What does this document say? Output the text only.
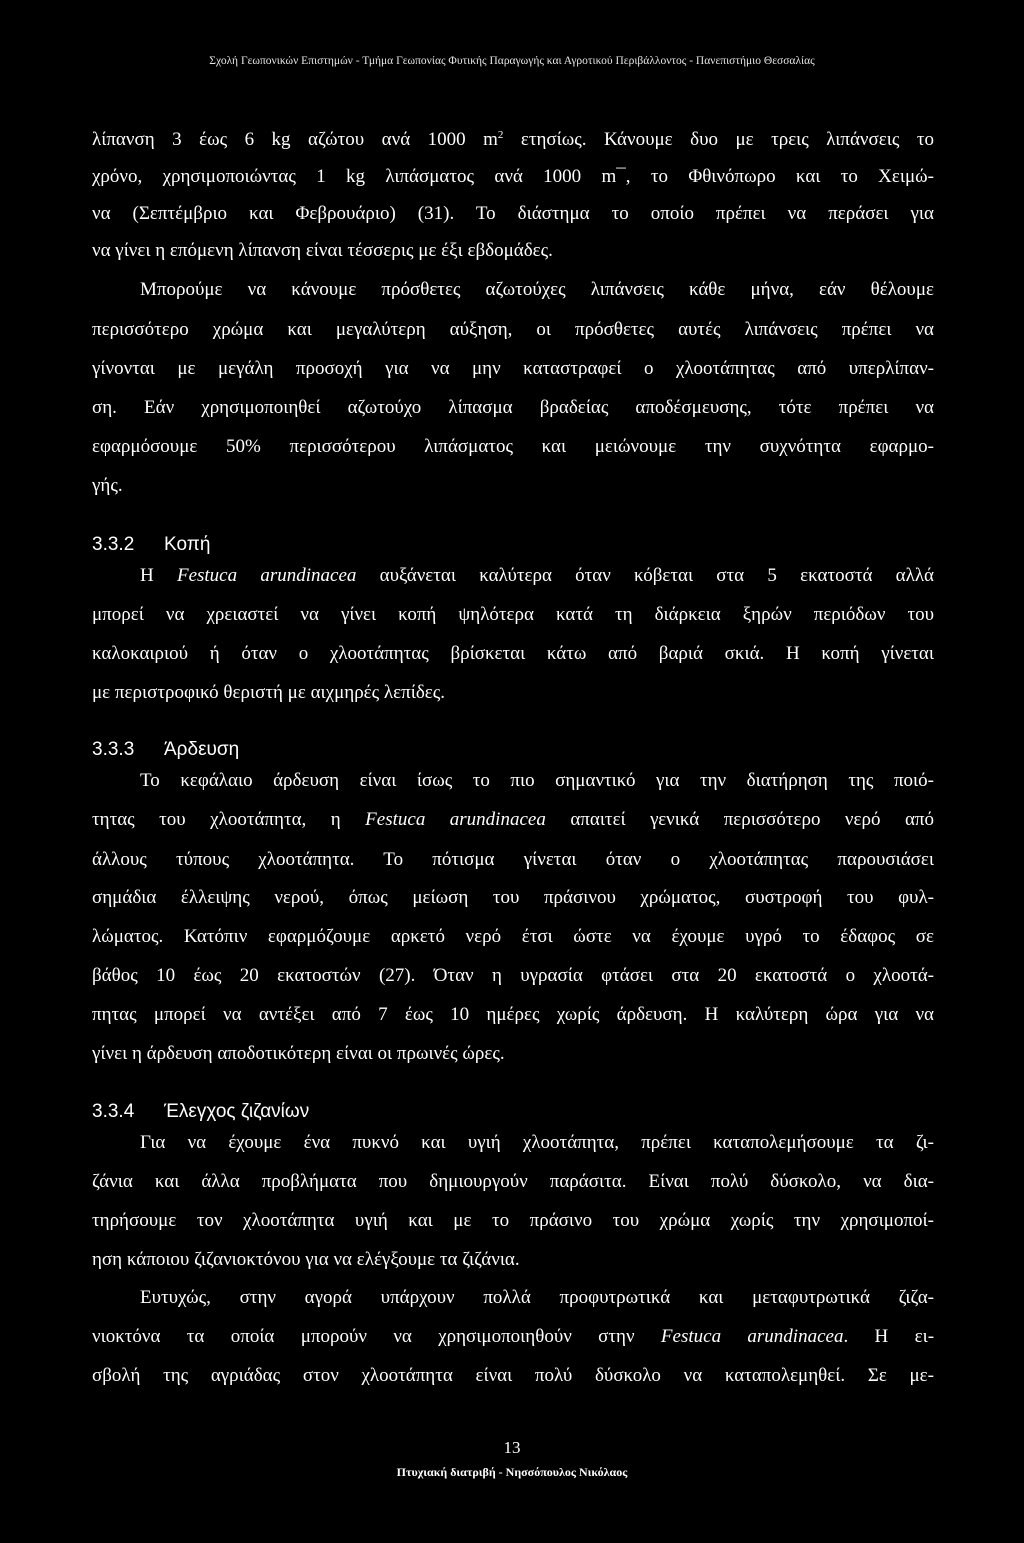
Σχολή Γεωπονικών Επιστημών - Τμήμα Γεωπονίας Φυτικής Παραγωγής και Αγροτικού Περιβάλλοντος - Πανεπιστήμιο Θεσσαλίας
λίπανση 3 έως 6 kg αζώτου ανά 1000 $m^2$ ετησίως. Κάνουμε δυο με τρεις λιπάνσεις το
χρόνο, χρησιμοποιώντας 1 kg λιπάσματος ανά 1000 m¯, το Φθινόπωρο και το Χειμώ-
να (Σεπτέμβριο και Φεβρουάριο) (31). Το διάστημα το οποίο πρέπει να περάσει για
να γίνει η επόμενη λίπανση είναι τέσσερις με έξι εβδομάδες.
Μπορούμε να κάνουμε πρόσθετες αζωτούχες λιπάνσεις κάθε μήνα, εάν θέλουμε
περισσότερο χρώμα και μεγαλύτερη αύξηση, οι πρόσθετες αυτές λιπάνσεις πρέπει να
γίνονται με μεγάλη προσοχή για να μην καταστραφεί ο χλοοτάπητας από υπερλίπαν-
ση. Εάν χρησιμοποιηθεί αζωτούχο λίπασμα βραδείας αποδέσμευσης, τότε πρέπει να
εφαρμόσουμε 50% περισσότερου λιπάσματος και μειώνουμε την συχνότητα εφαρμο-
γής.
3.3.2 Κοπή
Η Festuca arundinacea αυξάνεται καλύτερα όταν κόβεται στα 5 εκατοστά αλλά
μπορεί να χρειαστεί να γίνει κοπή ψηλότερα κατά τη διάρκεια ξηρών περιόδων του
καλοκαιριού ή όταν ο χλοοτάπητας βρίσκεται κάτω από βαριά σκιά. Η κοπή γίνεται
με περιστροφικό θεριστή με αιχμηρές λεπίδες.
3.3.3 Άρδευση
Το κεφάλαιο άρδευση είναι ίσως το πιο σημαντικό για την διατήρηση της ποιό-
τητας του χλοοτάπητα, η Festuca arundinacea απαιτεί γενικά περισσότερο νερό από
άλλους τύπους χλοοτάπητα. Το πότισμα γίνεται όταν ο χλοοτάπητας παρουσιάσει
σημάδια έλλειψης νερού, όπως μείωση του πράσινου χρώματος, συστροφή του φυλ-
λώματος. Κατόπιν εφαρμόζουμε αρκετό νερό έτσι ώστε να έχουμε υγρό το έδαφος σε
βάθος 10 έως 20 εκατοστών (27). Όταν η υγρασία φτάσει στα 20 εκατοστά ο χλοοτά-
πητας μπορεί να αντέξει από 7 έως 10 ημέρες χωρίς άρδευση. Η καλύτερη ώρα για να
γίνει η άρδευση αποδοτικότερη είναι οι πρωινές ώρες.
3.3.4 Έλεγχος ζιζανίων
Για να έχουμε ένα πυκνό και υγιή χλοοτάπητα, πρέπει καταπολεμήσουμε τα ζι-
ζάνια και άλλα προβλήματα που δημιουργούν παράσιτα. Είναι πολύ δύσκολο, να δια-
τηρήσουμε τον χλοοτάπητα υγιή και με το πράσινο του χρώμα χωρίς την χρησιμοποί-
ηση κάποιου ζιζανιοκτόνου για να ελέγξουμε τα ζιζάνια.
Ευτυχώς, στην αγορά υπάρχουν πολλά προφυτρωτικά και μεταφυτρωτικά ζιζα-
νιοκτόνα τα οποία μπορούν να χρησιμοποιηθούν στην Festuca arundinacea. Η ει-
σβολή της αγριάδας στον χλοοτάπητα είναι πολύ δύσκολο να καταπολεμηθεί. Σε με-
13
Πτυχιακή διατριβή - Νησσόπουλος Νικόλαος
